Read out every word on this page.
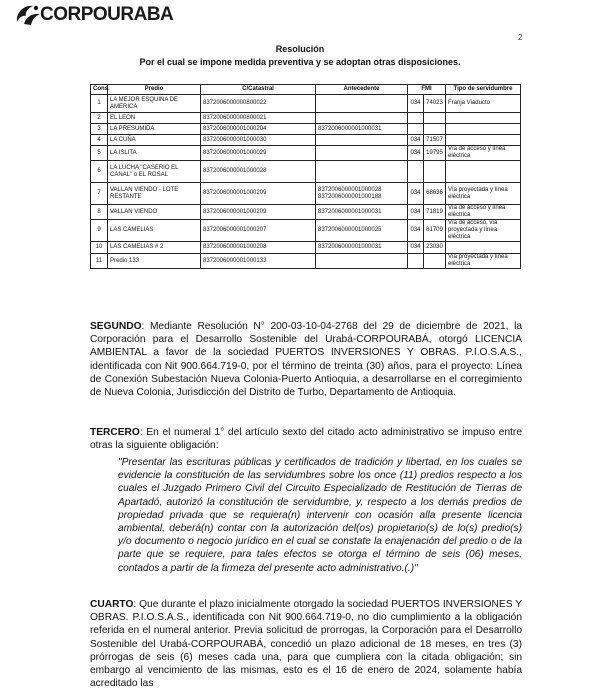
CORPOURABA
2
Resolución
Por el cual se impone medida preventiva y se adoptan otras disposiciones.
Cons.	Predio	C/Catastral	Antecedente	FMI		Tipo de servidumbre
1	LA MEJOR ESQUINA DE AMERICA	8372006000000800022		034	74023	Franja Viaducto
2	EL LEON	8372006000000800021				
3	LA PRESUMIDA	8372006000001000204	8372006000001000031			
4	LA CUÑA	8372006000001000030		034	71507	
5	LA ISLITA	8372006000001000029		034	19795	Vía de acceso y línea eléctrica
6	LA LUCHA "CASERIO EL CANAL" o EL ROSAL	8372006000001000028				
7	VALLAN VIENDO - LOTE RESTANTE	8372006000001000209	8372006000001000028 8372006000001000188	034	68636	Vía proyectada y línea eléctrica
8	VALLAN VIENDO	8372006000001000209	8372006000001000031	034	71819	Vía de acceso y línea eléctrica
9	LAS CAMELIAS	8372006000001000207	8372006000001000025	034	81709	Vía de acceso, vía proyectada y línea eléctrica
10	LAS CAMELIAS # 2	8372006000001000208	8372006000001000031	034	23030	
11	Predio 133	8372006000001000133				Vía proyectada y línea eléctrica

SEGUNDO: Mediante Resolución N° 200-03-10-04-2768 del 29 de diciembre de 2021, la Corporación para el Desarrollo Sostenible del Urabá-CORPOURABÁ, otorgó LICENCIA AMBIENTAL a favor de la sociedad PUERTOS INVERSIONES Y OBRAS. P.I.O.S.A.S., identificada con Nit 900.664.719-0, por el término de treinta (30) años, para el proyecto: Línea de Conexión Subestación Nueva Colonia-Puerto Antioquia, a desarrollarse en el corregimiento de Nueva Colonia, Jurisdicción del Distrito de Turbo, Departamento de Antioquia.

TERCERO: En el numeral 1° del artículo sexto del citado acto administrativo se impuso entre otras la siguiente obligación:

"Presentar las escrituras públicas y certificados de tradición y libertad, en los cuales se evidencie la constitución de las servidumbres sobre los once (11) predios respecto a los cuales el Juzgado Primero Civil del Circuito Especializado de Restitución de Tierras de Apartadó, autorizó la constitución de servidumbre, y, respecto a los demás predios de propiedad privada que se requiera(n) intervenir con ocasión alla presente licencia ambiental, deberá(n) contar con la autorización del(os) propietario(s) de lo(s) predio(s) y/o documento o negocio jurídico en el cual se constate la enajenación del predio o de la parte que se requiere, para tales efectos se otorga el término de seis (06) meses, contados a partir de la firmeza del presente acto administrativo.(.)"

CUARTO: Que durante el plazo inicialmente otorgado la sociedad PUERTOS INVERSIONES Y OBRAS. P.I.O.S.A.S., identificada con Nit 900.664.719-0, no dio cumplimiento a la obligación referida en el numeral anterior. Previa solicitud de prorrogas, la Corporación para el Desarrollo Sostenible del Urabá-CORPOURABÁ, concedió un plazo adicional de 18 meses, en tres (3) prórrogas de seis (6) meses cada una, para que cumpliera con la citada obligación; sin embargo al vencimiento de las mismas, esto es el 16 de enero de 2024, solamente había acreditado las
